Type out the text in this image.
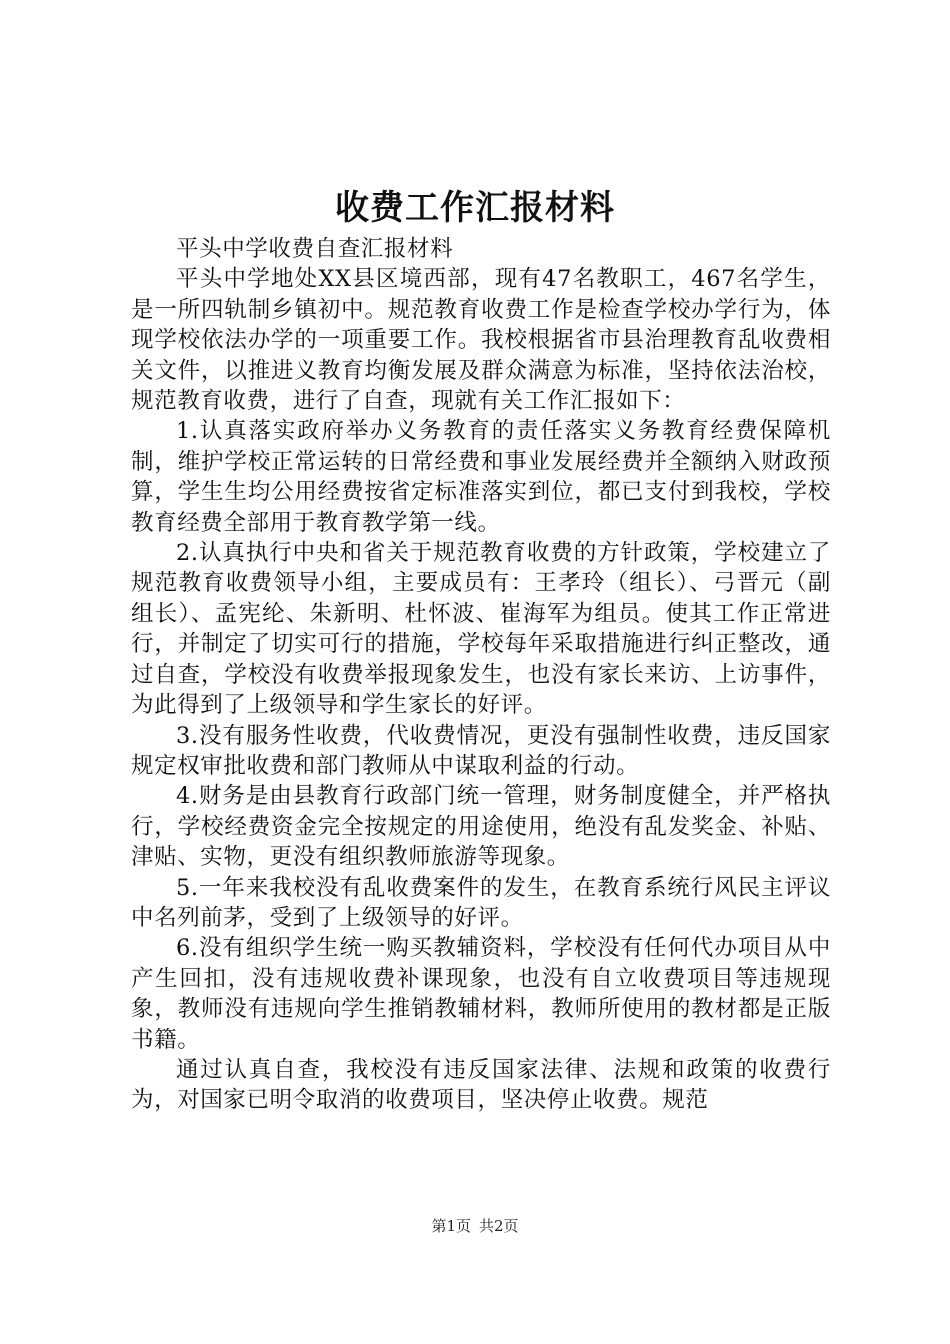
收费工作汇报材料

平头中学收费自查汇报材料

平头中学地处XX县区境西部，现有47名教职工，467名学生，是一所四轨制乡镇初中。规范教育收费工作是检查学校办学行为，体现学校依法办学的一项重要工作。我校根据省市县治理教育乱收费相关文件，以推进义教育均衡发展及群众满意为标准，坚持依法治校，规范教育收费，进行了自查，现就有关工作汇报如下：

1.认真落实政府举办义务教育的责任落实义务教育经费保障机制，维护学校正常运转的日常经费和事业发展经费并全额纳入财政预算，学生生均公用经费按省定标准落实到位，都已支付到我校，学校教育经费全部用于教育教学第一线。

2.认真执行中央和省关于规范教育收费的方针政策，学校建立了规范教育收费领导小组，主要成员有：王孝玲（组长）、弓晋元（副组长）、孟宪纶、朱新明、杜怀波、崔海军为组员。使其工作正常进行，并制定了切实可行的措施，学校每年采取措施进行纠正整改，通过自查，学校没有收费举报现象发生，也没有家长来访、上访事件，为此得到了上级领导和学生家长的好评。

3.没有服务性收费，代收费情况，更没有强制性收费，违反国家规定权审批收费和部门教师从中谋取利益的行动。

4.财务是由县教育行政部门统一管理，财务制度健全，并严格执行，学校经费资金完全按规定的用途使用，绝没有乱发奖金、补贴、津贴、实物，更没有组织教师旅游等现象。

5.一年来我校没有乱收费案件的发生，在教育系统行风民主评议中名列前茅，受到了上级领导的好评。

6.没有组织学生统一购买教辅资料，学校没有任何代办项目从中产生回扣，没有违规收费补课现象，也没有自立收费项目等违规现象，教师没有违规向学生推销教辅材料，教师所使用的教材都是正版书籍。

通过认真自查，我校没有违反国家法律、法规和政策的收费行为，对国家已明令取消的收费项目，坚决停止收费。规范

第1页 共2页
